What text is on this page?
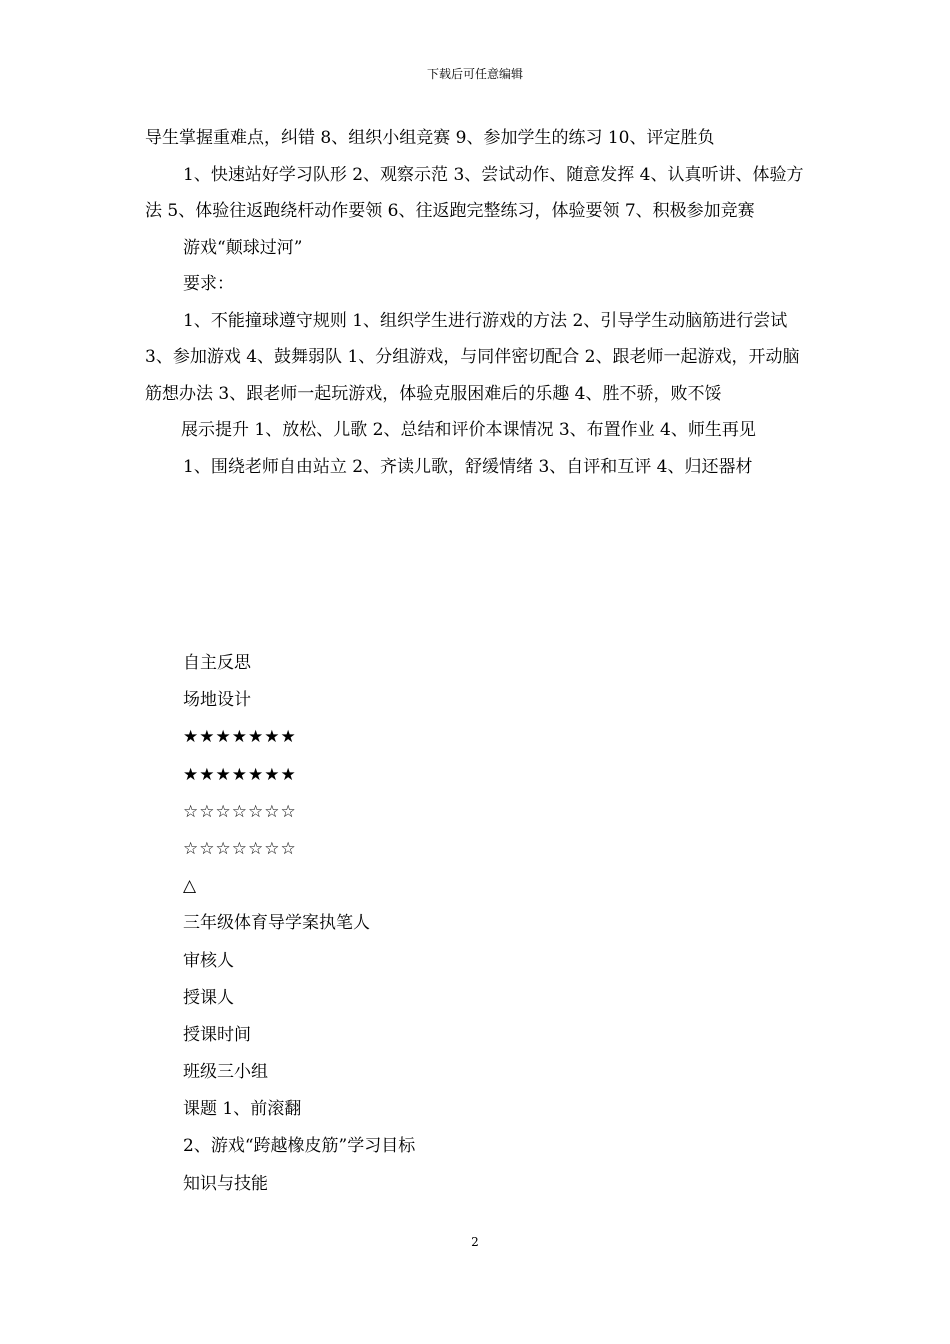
下载后可任意编辑

导生掌握重难点，纠错 8、组织小组竞赛 9、参加学生的练习 10、评定胜负

1、快速站好学习队形 2、观察示范 3、尝试动作、随意发挥 4、认真听讲、体验方法 5、体验往返跑绕杆动作要领 6、往返跑完整练习，体验要领 7、积极参加竞赛

游戏“颠球过河”

要求：

1、不能撞球遵守规则 1、组织学生进行游戏的方法 2、引导学生动脑筋进行尝试 3、参加游戏 4、鼓舞弱队 1、分组游戏，与同伴密切配合 2、跟老师一起游戏，开动脑筋想办法 3、跟老师一起玩游戏，体验克服困难后的乐趣 4、胜不骄，败不馁

展示提升 1、放松、儿歌 2、总结和评价本课情况 3、布置作业 4、师生再见

1、围绕老师自由站立 2、齐读儿歌，舒缓情绪 3、自评和互评 4、归还器材

自主反思
场地设计
★★★★★★★
★★★★★★★
☆☆☆☆☆☆☆
☆☆☆☆☆☆☆
△
三年级体育导学案执笔人
审核人
授课人
授课时间
班级三小组
课题 1、前滚翻
2、游戏“跨越橡皮筋”学习目标
知识与技能
2
